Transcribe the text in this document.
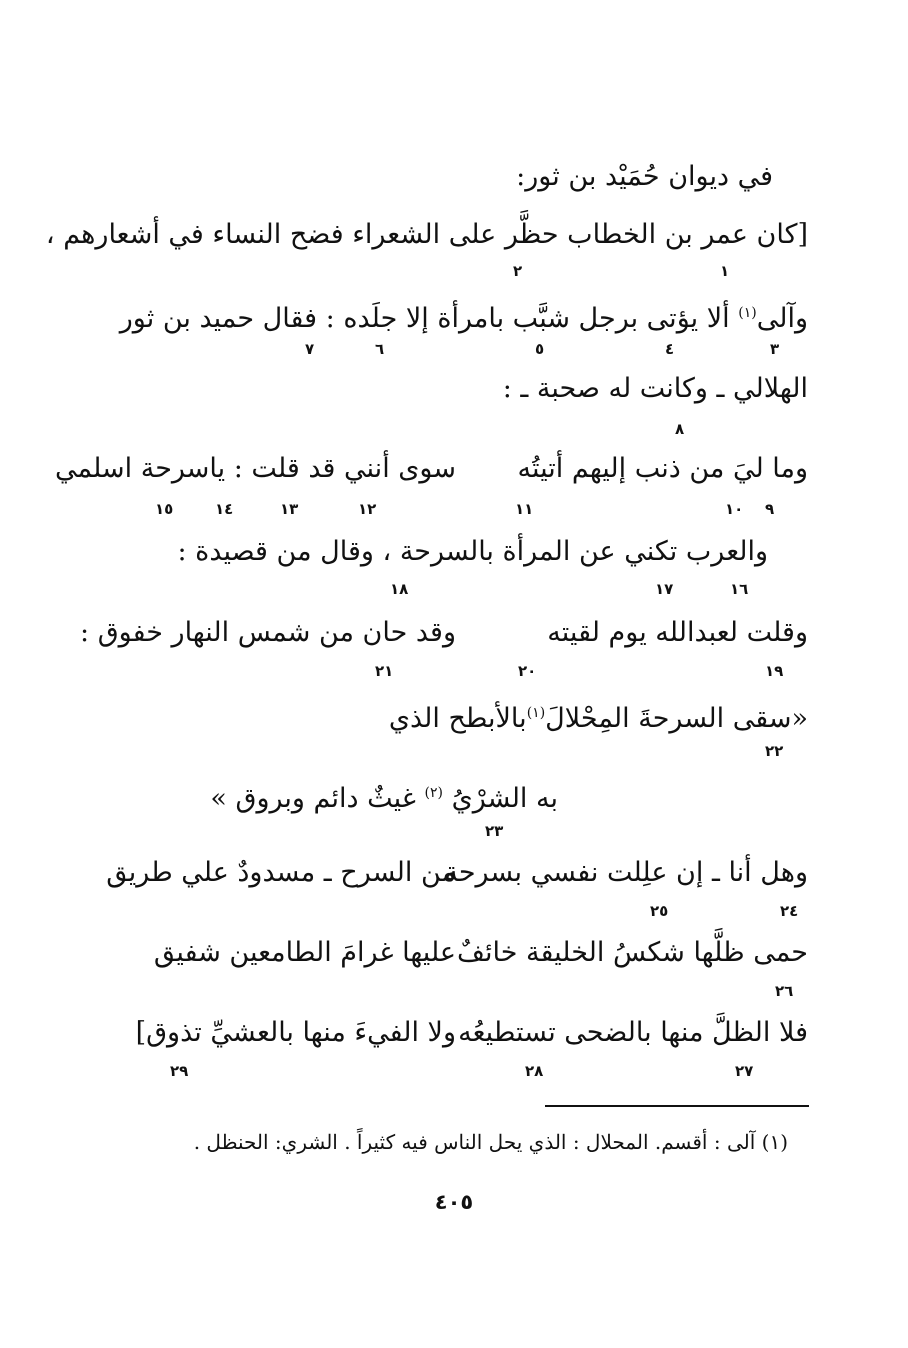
في ديوان حُمَيْد بن ثور:
[كان عمر بن الخطاب حظَّر على الشعراء فضح النساء في أشعارهم ،
١
٢
وآلى$^{(١)}$ ألا يؤتى برجل شبَّب بامرأة إلا جلَده : فقال حميد بن ثور
٣
٤
٥
٦
٧
الهلالي ـ وكانت له صحبة ـ :
٨
وما ليَ من ذنب إليهم أتيتُه
سوى أنني قد قلت : ياسرحة اسلمي
٩
١٠
١١
١٢
١٣
١٤
١٥
والعرب تكني عن المرأة بالسرحة ، وقال من قصيدة :
١٦
١٧
١٨
وقلت لعبدالله يوم لقيته
وقد حان من شمس النهار خفوق :
١٩
٢٠
٢١
«سقى السرحةَ المِحْلالَ$^{(١)}$بالأبطح الذي
٢٢
به الشرْيُ $^{(٢)}$ غيثٌ دائم وبروق »
٢٣
وهل أنا ـ إن علِلت نفسي بسرحة
من السرح ـ مسدودٌ علي طريق
٢٤
٢٥
حمى ظلَّها شكسُ الخليقة خائفٌ
عليها غرامَ الطامعين شفيق
٢٦
فلا الظلَّ منها بالضحى تستطيعُه
ولا الفيءَ منها بالعشيِّ تذوق]
٢٧
٢٨
٢٩
(١) آلى : أقسم. المحلال : الذي يحل الناس فيه كثيراً . الشري: الحنظل .
٤٠٥
